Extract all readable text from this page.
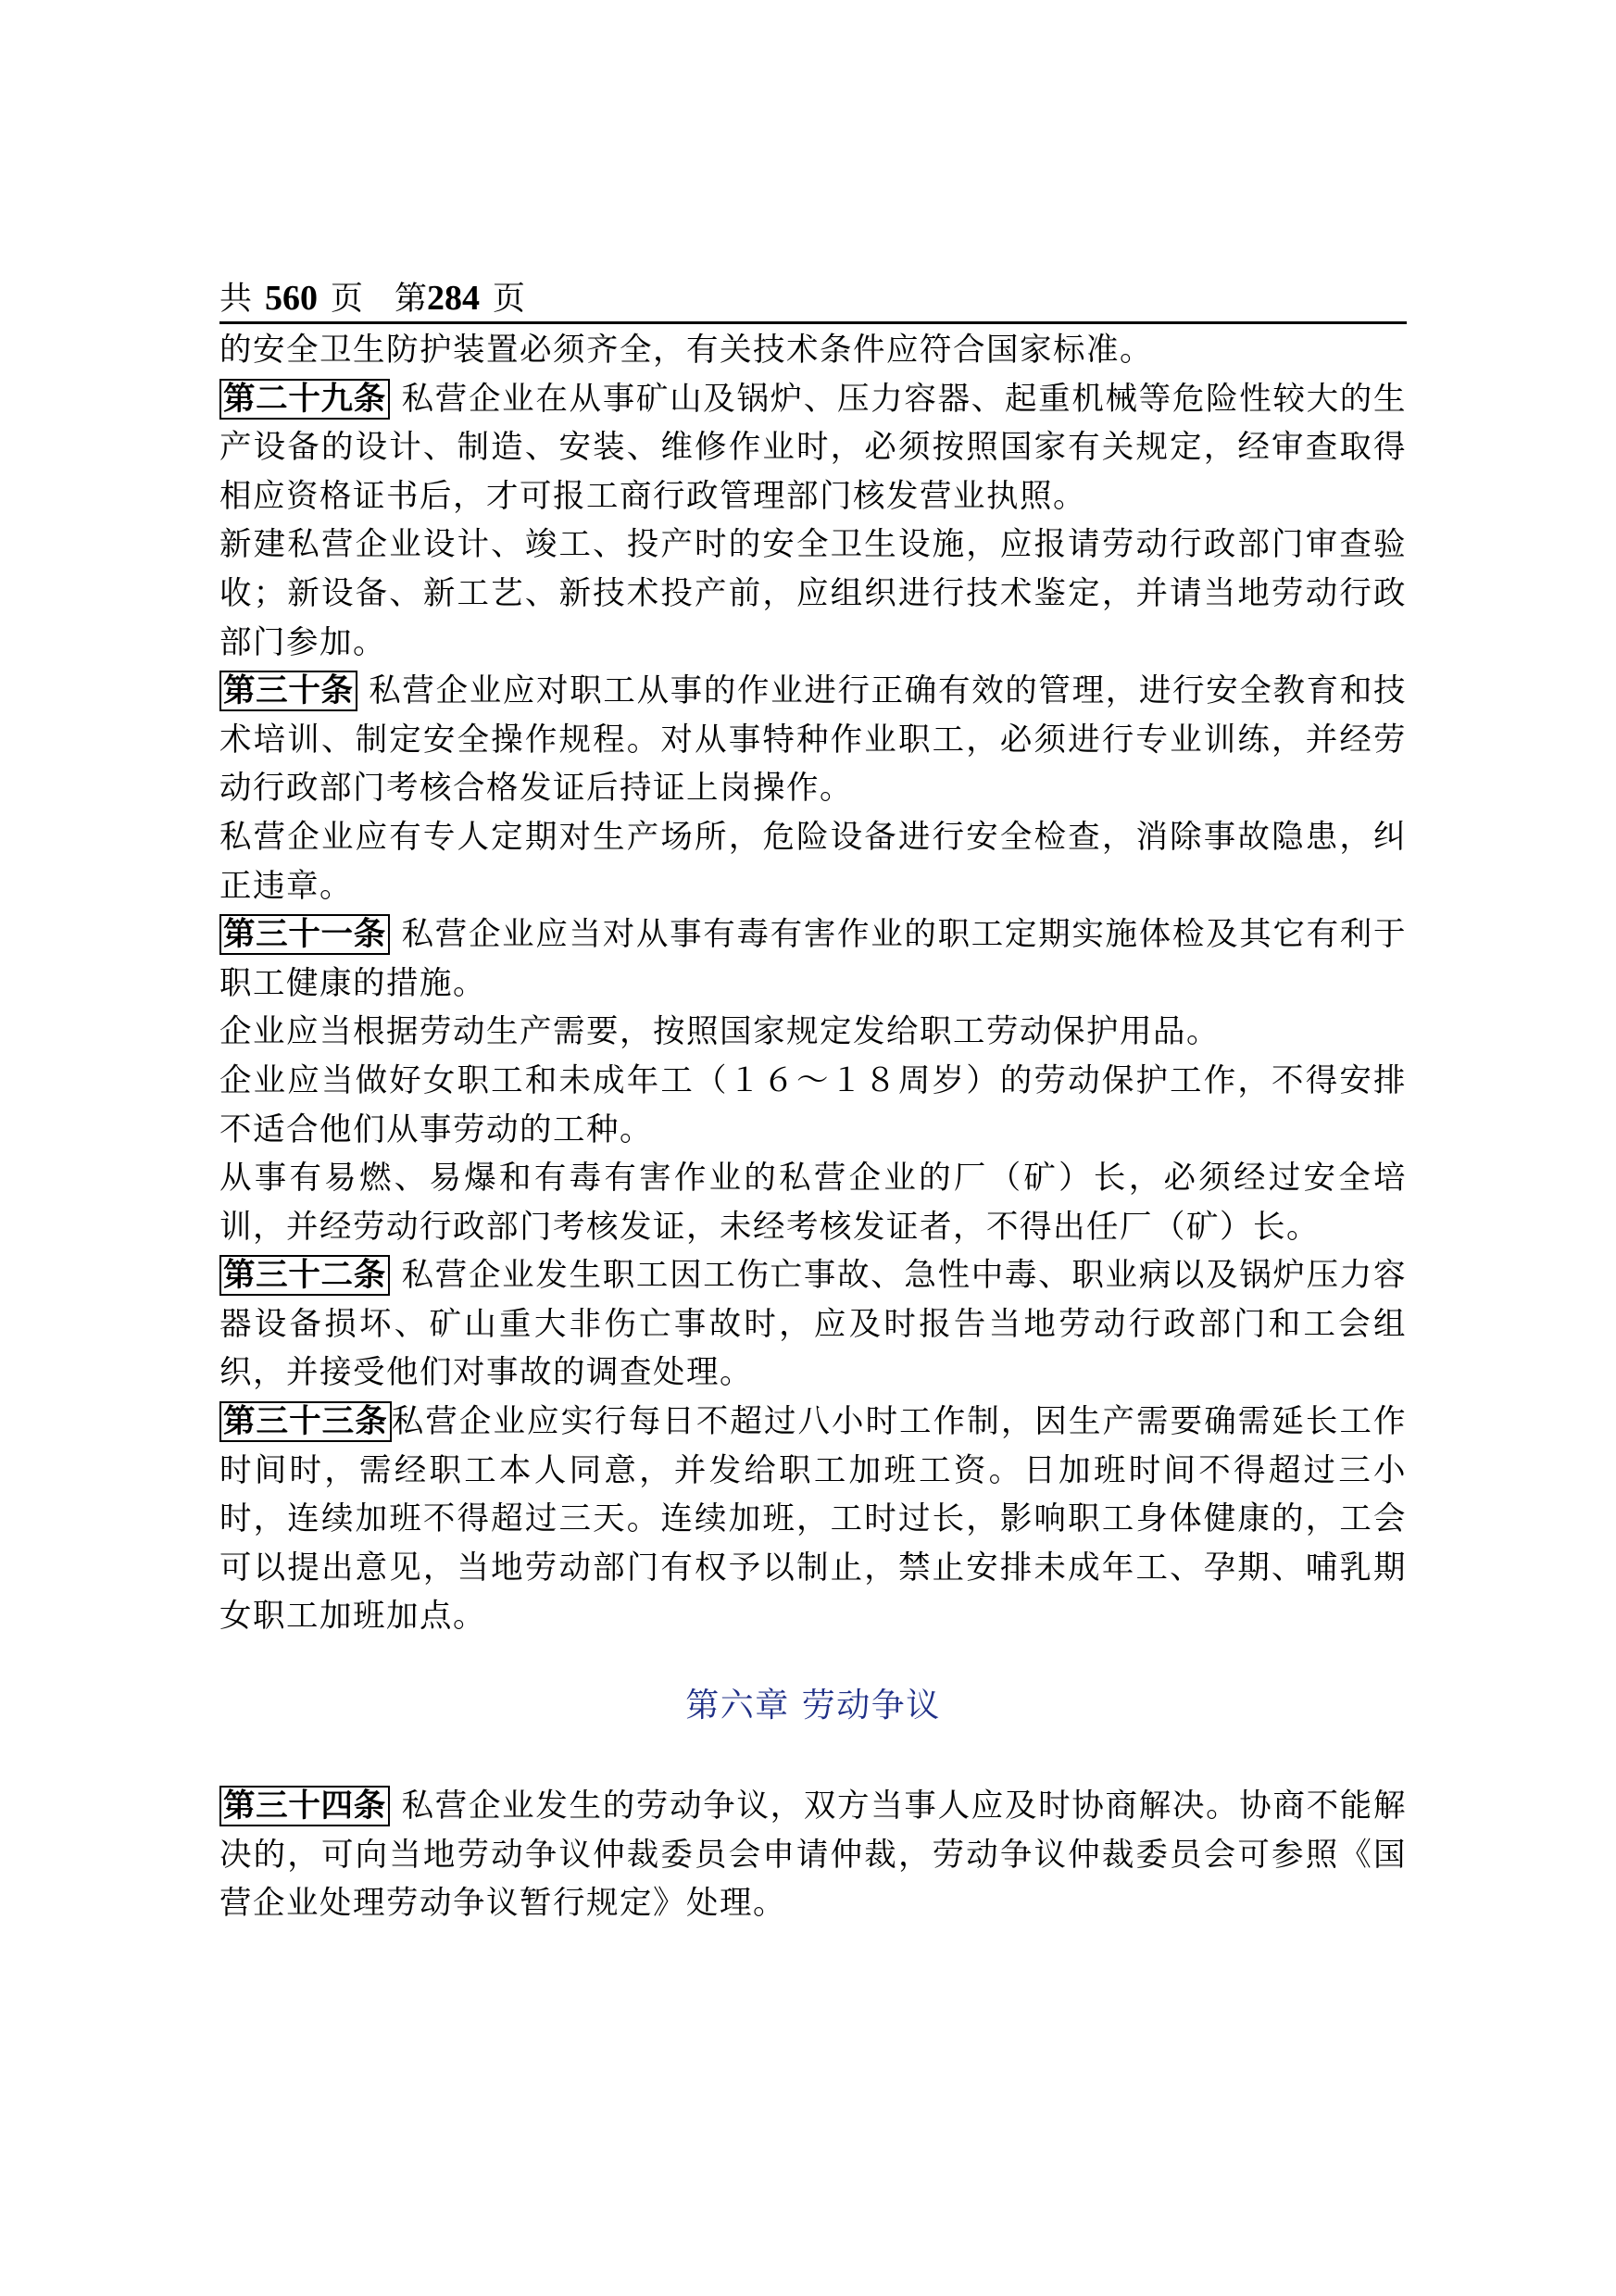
共 560 页 第 284 页

的安全卫生防护装置必须齐全，有关技术条件应符合国家标准。

第二十九条 私营企业在从事矿山及锅炉、压力容器、起重机械等危险性较大的生产设备的设计、制造、安装、维修作业时，必须按照国家有关规定，经审查取得相应资格证书后，才可报工商行政管理部门核发营业执照。

新建私营企业设计、竣工、投产时的安全卫生设施，应报请劳动行政部门审查验收；新设备、新工艺、新技术投产前，应组织进行技术鉴定，并请当地劳动行政部门参加。

第三十条 私营企业应对职工从事的作业进行正确有效的管理，进行安全教育和技术培训、制定安全操作规程。对从事特种作业职工，必须进行专业训练，并经劳动行政部门考核合格发证后持证上岗操作。

私营企业应有专人定期对生产场所，危险设备进行安全检查，消除事故隐患，纠正违章。

第三十一条 私营企业应当对从事有毒有害作业的职工定期实施体检及其它有利于职工健康的措施。

企业应当根据劳动生产需要，按照国家规定发给职工劳动保护用品。

企业应当做好女职工和未成年工（１６～１８周岁）的劳动保护工作，不得安排不适合他们从事劳动的工种。

从事有易燃、易爆和有毒有害作业的私营企业的厂（矿）长，必须经过安全培训，并经劳动行政部门考核发证，未经考核发证者，不得出任厂（矿）长。

第三十二条 私营企业发生职工因工伤亡事故、急性中毒、职业病以及锅炉压力容器设备损坏、矿山重大非伤亡事故时，应及时报告当地劳动行政部门和工会组织，并接受他们对事故的调查处理。

第三十三条 私营企业应实行每日不超过八小时工作制，因生产需要确需延长工作时间时，需经职工本人同意，并发给职工加班工资。日加班时间不得超过三小时，连续加班不得超过三天。连续加班，工时过长，影响职工身体健康的，工会可以提出意见，当地劳动部门有权予以制止，禁止安排未成年工、孕期、哺乳期女职工加班加点。

第六章 劳动争议

第三十四条 私营企业发生的劳动争议，双方当事人应及时协商解决。协商不能解决的，可向当地劳动争议仲裁委员会申请仲裁，劳动争议仲裁委员会可参照《国营企业处理劳动争议暂行规定》处理。
